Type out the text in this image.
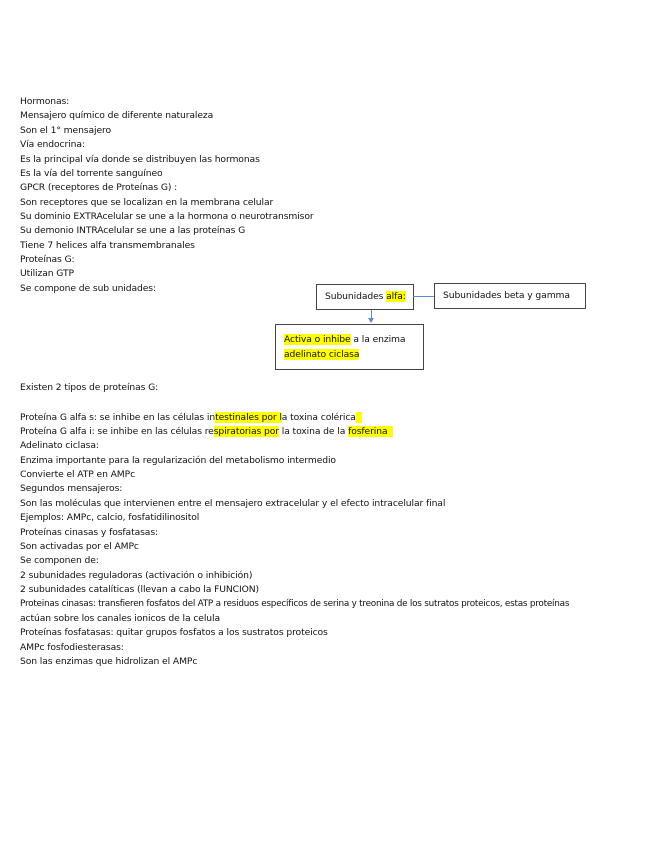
Hormonas:
Mensajero químico de diferente naturaleza
Son el 1° mensajero
Vía endocrina:
Es la principal vía donde se distribuyen las hormonas
Es la vía del torrente sanguíneo
GPCR (receptores de Proteínas G) :
Son receptores que se localizan en la membrana celular
Su dominio EXTRAcelular se une a la hormona o neurotransmisor
Su demonio INTRAcelular se une a las proteínas G
Tiene 7 helices alfa transmembranales
Proteínas G:
Utilizan GTP
Se compone de sub unidades:
Subunidades alfa:	Subunidades beta y gamma
Activa o inhibe a la enzima
adelinato ciclasa
Existen 2 tipos de proteínas G:
Proteína G alfa s: se inhibe en las células intestinales por la toxina colérica
Proteína G alfa i: se inhibe en las células respiratorias por la toxina de la fosferina
Adelinato ciclasa:
Enzima importante para la regularización del metabolismo intermedio
Convierte el ATP en AMPc
Segundos mensajeros:
Son las moléculas que intervienen entre el mensajero extracelular y el efecto intracelular final
Ejemplos: AMPc, calcio, fosfatidilinositol
Proteínas cinasas y fosfatasas:
Son activadas por el AMPc
Se componen de:
2 subunidades reguladoras (activación o inhibición)
2 subunidades catalíticas (llevan a cabo la FUNCION)
Proteinas cinasas: transfieren fosfatos del ATP a residuos específicos de serina y treonina de los sutratos proteicos, estas proteínas
actúan sobre los canales ionicos de la celula
Proteínas fosfatasas: quitar grupos fosfatos a los sustratos proteicos
AMPc fosfodiesterasas:
Son las enzimas que hidrolizan el AMPc
